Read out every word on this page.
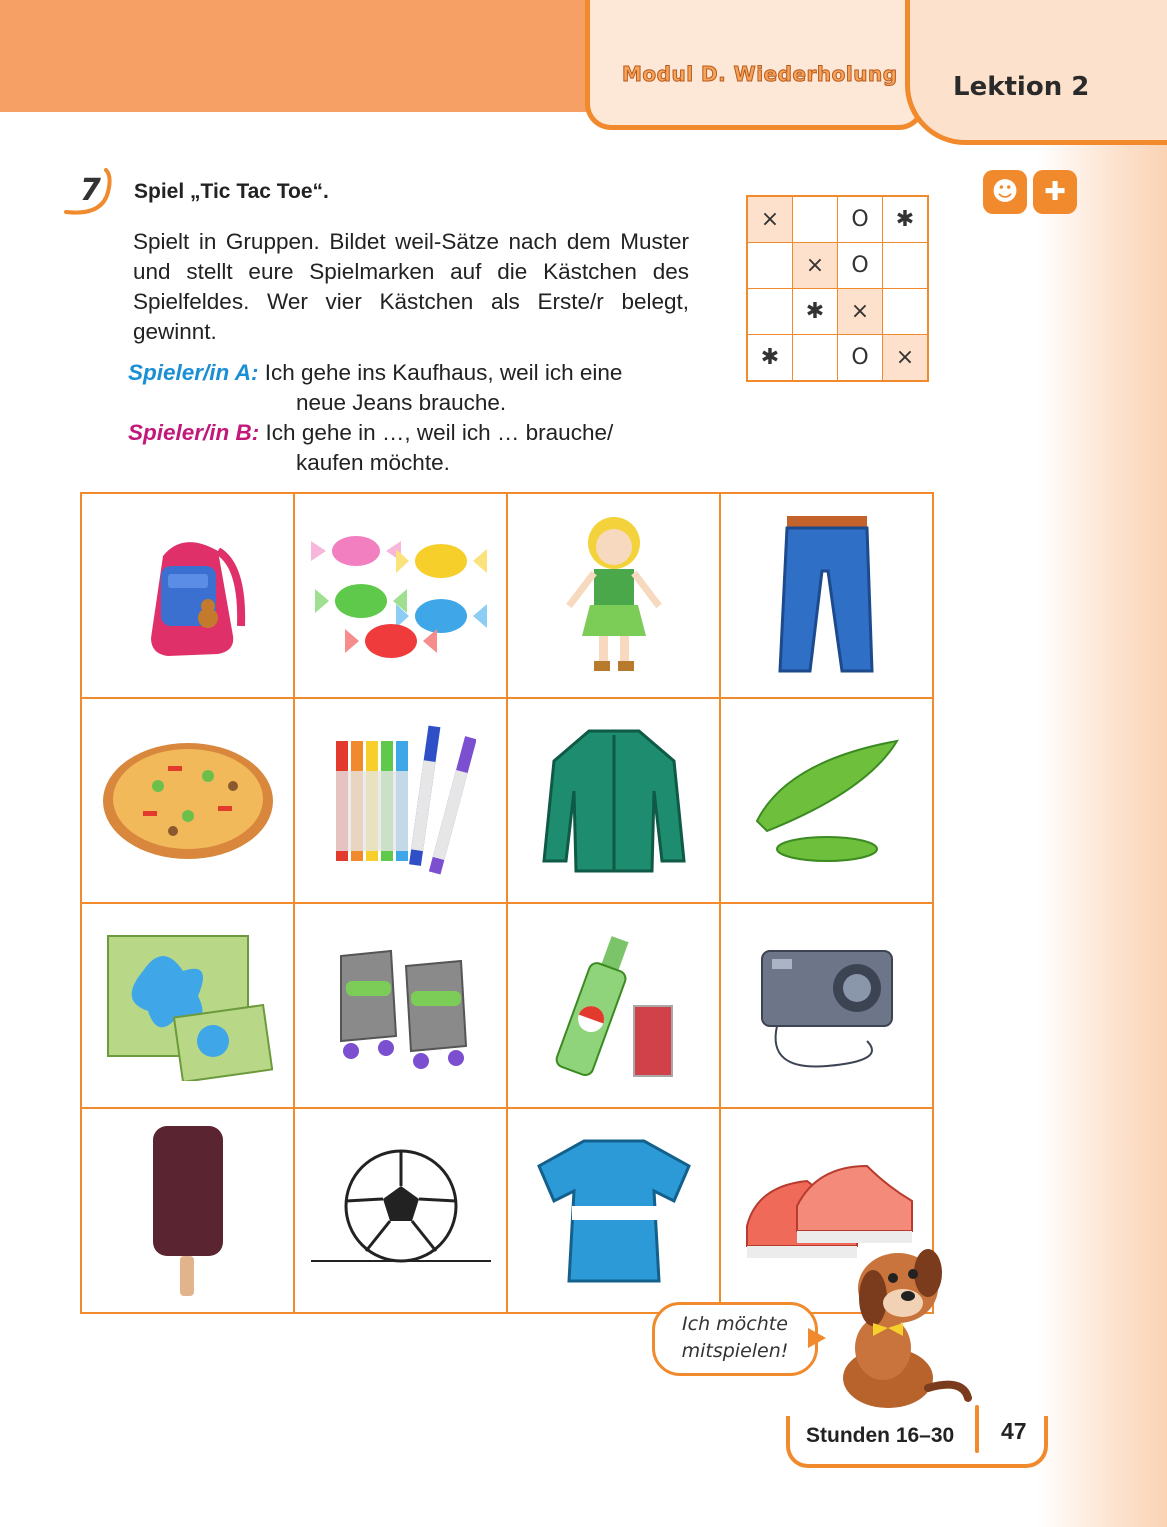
Modul D. Wiederholung Lektion 2
☻ ✚
7 Spiel „Tic Tac Toe“.
Spielt in Gruppen. Bildet weil-Sätze nach dem Muster und stellt eure Spielmarken auf die Kästchen des Spielfeldes. Wer vier Kästchen als Erste/r belegt, gewinnt.
Spieler/in A: Ich gehe ins Kaufhaus, weil ich eine
neue Jeans brauche.
Spieler/in B: Ich gehe in …, weil ich … brauche/
kaufen möchte.
×		O	✱
	×	O	
	✱	×	
✱		O	×

Ich möchte
mitspielen!
Stunden 16–30 47
